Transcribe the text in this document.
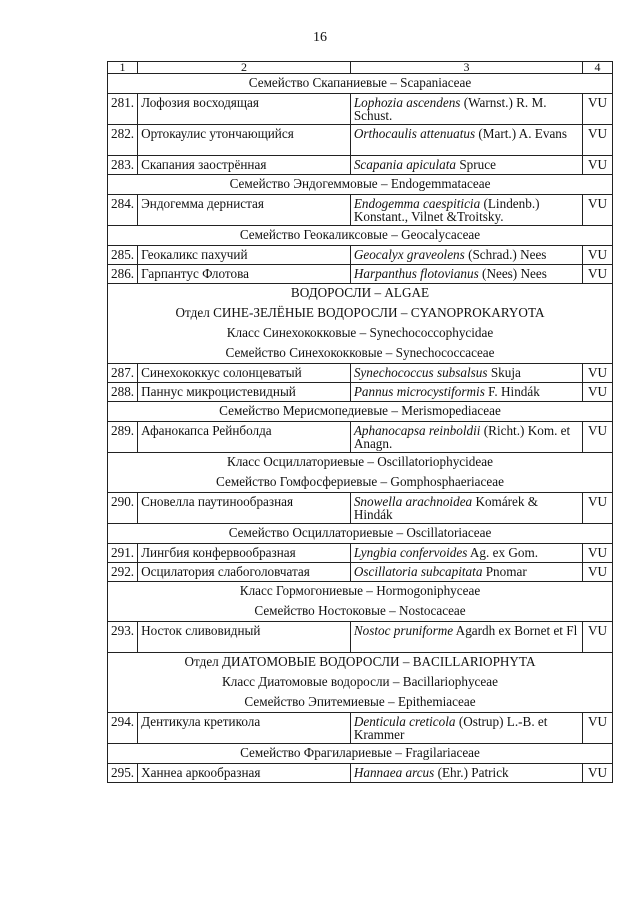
16
1	2	3	4
Семейство Скапаниевые – Scapaniaceae			
281.	Лофозия восходящая	Lophozia ascendens (Warnst.) R. M. Schust.	VU
282.	Ортокаулис утончающийся	Orthocaulis attenuatus (Mart.) A. Evans	VU
283.	Скапания заострённая	Scapania apiculata Spruce	VU
Семейство Эндогеммовые – Endogemmataceae			
284.	Эндогемма дернистая	Endogemma caespiticia (Lindenb.) Konstant., Vilnet &Troitsky.	VU
Семейство Геокаликсовые – Geocalycaceae			
285.	Геокаликс пахучий	Geocalyx graveolens (Schrad.) Nees	VU
286.	Гарпантус Флотова	Harpanthus flotovianus (Nees) Nees	VU
ВОДОРОСЛИ – ALGAE			
Отдел СИНЕ-ЗЕЛЁНЫЕ ВОДОРОСЛИ – CYANOPROKARYOTA			
Класс Синехококковые – Synechococcophycidae			
Семейство Синехококковые – Synechococcaceae			
287.	Синехококкус солонцеватый	Synechococcus subsalsus Skuja	VU
288.	Паннус микроцистевидный	Pannus microcystiformis F. Hindák	VU
Семейство Мерисмопедиевые – Merismopediaceae			
289.	Афанокапса Рейнболда	Aphanocapsa reinboldii (Richt.) Kom. et Anagn.	VU
Класс Осциллаториевые – Oscillatoriophycideae			
Семейство Гомфосфериевые – Gomphosphaeriaceae			
290.	Сновелла паутинообразная	Snowella arachnoidea Komárek & Hindák	VU
Семейство Осциллаториевые – Oscillatoriaceae			
291.	Лингбия конфервообразная	Lyngbia confervoides Ag. ex Gom.	VU
292.	Осцилатория слабоголовчатая	Oscillatoria subcapitata Pnomar	VU
Класс Гормогониевые – Hormogoniphyceae			
Семейство Ностоковые – Nostocaceae			
293.	Носток сливовидный	Nostoc pruniforme Agardh ex Bornet et Fl	VU
Отдел ДИАТОМОВЫЕ ВОДОРОСЛИ – BACILLARIOPHYTA			
Класс Диатомовые водоросли – Bacillariophyceae			
Семейство Эпитемиевые – Epithemiaceae			
294.	Дентикула кретикола	Denticula creticola (Ostrup) L.-B. et Krammer	VU
Семейство Фрагилариевые – Fragilariaceae			
295.	Ханнеа аркообразная	Hannaea arcus (Ehr.) Patrick	VU
